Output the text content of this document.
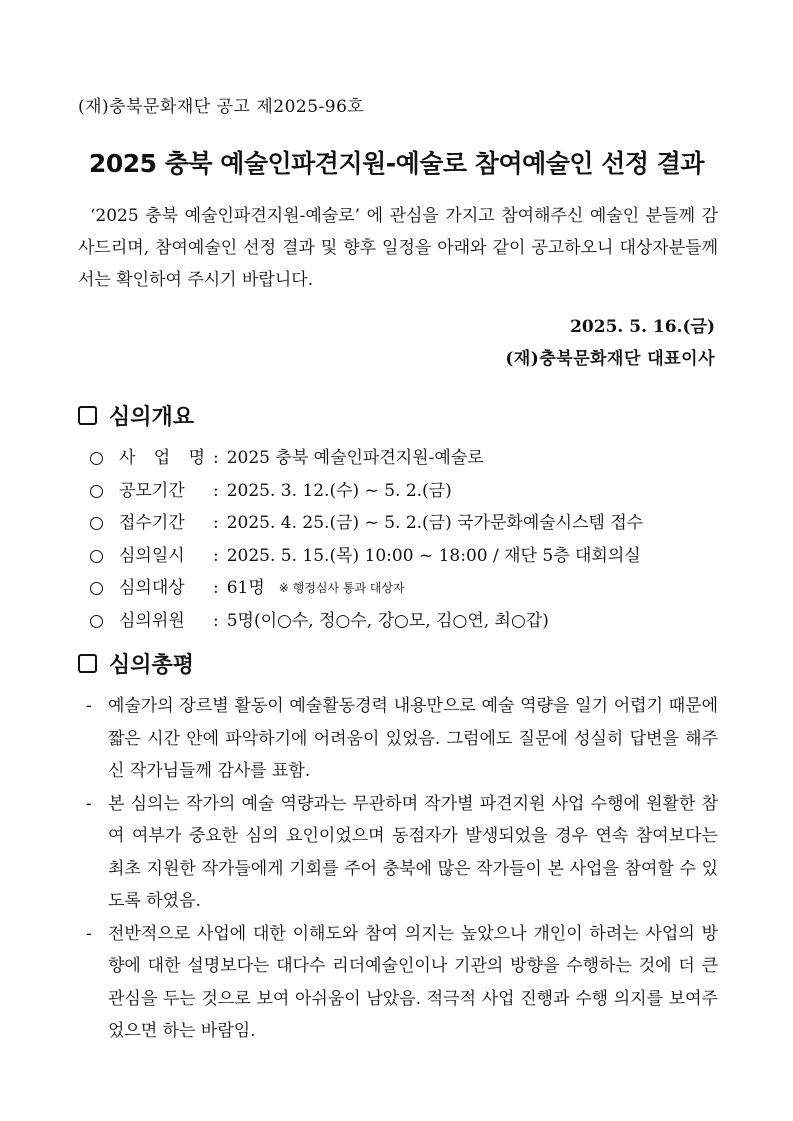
(재)충북문화재단 공고 제2025-96호
2025 충북 예술인파견지원-예술로 참여예술인 선정 결과

‘2025 충북 예술인파견지원-예술로’ 에 관심을 가지고 참여해주신 예술인 분들께 감사드리며, 참여예술인 선정 결과 및 향후 일정을 아래와 같이 공고하오니 대상자분들께서는 확인하여 주시기 바랍니다.

2025. 5. 16.(금)
(재)충북문화재단 대표이사
심의개요
사 업 명 : 2025 충북 예술인파견지원-예술로
공모기간	: 2025. 3. 12.(수) ~ 5. 2.(금)
접수기간	: 2025. 4. 25.(금) ~ 5. 2.(금) 국가문화예술시스템 접수
심의일시	: 2025. 5. 15.(목) 10:00 ~ 18:00 / 재단 5층 대회의실
심의대상	: 61명 ※ 행정심사 통과 대상자
심의위원	: 5명(이○수, 정○수, 강○모, 김○연, 최○갑)
심의총평
- 예술가의 장르별 활동이 예술활동경력 내용만으로 예술 역량을 일기 어렵기 때문에 짧은 시간 안에 파악하기에 어려움이 있었음. 그럼에도 질문에 성실히 답변을 해주신 작가님들께 감사를 표함.
- 본 심의는 작가의 예술 역량과는 무관하며 작가별 파견지원 사업 수행에 원활한 참여 여부가 중요한 심의 요인이었으며 동점자가 발생되었을 경우 연속 참여보다는 최초 지원한 작가들에게 기회를 주어 충북에 많은 작가들이 본 사업을 참여할 수 있도록 하였음.
- 전반적으로 사업에 대한 이해도와 참여 의지는 높았으나 개인이 하려는 사업의 방향에 대한 설명보다는 대다수 리더예술인이나 기관의 방향을 수행하는 것에 더 큰 관심을 두는 것으로 보여 아쉬움이 남았음. 적극적 사업 진행과 수행 의지를 보여주었으면 하는 바람임.
